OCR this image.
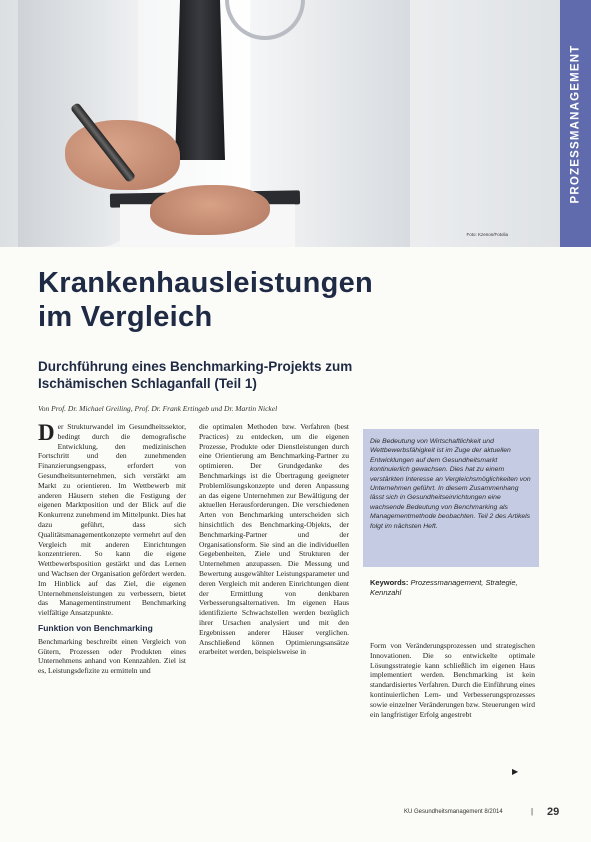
Foto: Kzenon/Fotolia
PROZESSMANAGEMENT
Krankenhausleistungen
im Vergleich
Durchführung eines Benchmarking-Projekts zum
Ischämischen Schlaganfall (Teil 1)
Von Prof. Dr. Michael Greiling, Prof. Dr. Frank Ertingeb und Dr. Martin Nickel

Der Strukturwandel im Gesundheitssektor, bedingt durch die demografische Entwicklung, den medizinischen Fortschritt und den zunehmenden Finanzierungsengpass, erfordert von Gesundheitsunternehmen, sich verstärkt am Markt zu orientieren. Im Wettbewerb mit anderen Häusern stehen die Festigung der eigenen Marktposition und der Blick auf die Konkurrenz zunehmend im Mittelpunkt. Dies hat dazu geführt, dass sich Qualitätsmanagementkonzepte vermehrt auf den Vergleich mit anderen Einrichtungen konzentrieren. So kann die eigene Wettbewerbsposition gestärkt und das Lernen und Wachsen der Organisation gefördert werden. Im Hinblick auf das Ziel, die eigenen Unternehmensleistungen zu verbessern, bietet das Managementinstrument Benchmarking vielfältige Ansatzpunkte.

Funktion von Benchmarking

Benchmarking beschreibt einen Vergleich von Gütern, Prozessen oder Produkten eines Unternehmens anhand von Kennzahlen. Ziel ist es, Leistungsdefizite zu ermitteln und

die optimalen Methoden bzw. Verfahren (best Practices) zu entdecken, um die eigenen Prozesse, Produkte oder Dienstleistungen durch eine Orientierung am Benchmarking-Partner zu optimieren. Der Grundgedanke des Benchmarkings ist die Übertragung geeigneter Problemlösungskonzepte und deren Anpassung an das eigene Unternehmen zur Bewältigung der aktuellen Herausforderungen. Die verschiedenen Arten von Benchmarking unterscheiden sich hinsichtlich des Benchmarking-Objekts, der Benchmarking-Partner und der Organisationsform. Sie sind an die individuellen Gegebenheiten, Ziele und Strukturen der Unternehmen anzupassen. Die Messung und Bewertung ausgewählter Leistungsparameter und deren Vergleich mit anderen Einrichtungen dient der Ermittlung von denkbaren Verbesserungsalternativen. Im eigenen Haus identifizierte Schwachstellen werden bezüglich ihrer Ursachen analysiert und mit den Ergebnissen anderer Häuser verglichen. Anschließend können Optimierungsansätze erarbeitet werden, beispielsweise in

Die Bedeutung von Wirtschaftlichkeit und Wettbewerbsfähigkeit ist im Zuge der aktuellen Entwicklungen auf dem Gesundheitsmarkt kontinuierlich gewachsen. Dies hat zu einem verstärkten Interesse an Vergleichsmöglichkeiten von Unternehmen geführt. In diesem Zusammenhang lässt sich in Gesundheitseinrichtungen eine wachsende Bedeutung von Benchmarking als Managementmethode beobachten. Teil 2 des Artikels folgt im nächsten Heft.
Keywords: Prozessmanagement, Strategie, Kennzahl

Form von Veränderungsprozessen und strategischen Innovationen. Die so entwickelte optimale Lösungsstrategie kann schließlich im eigenen Haus implementiert werden. Benchmarking ist kein standardisiertes Verfahren. Durch die Einführung eines kontinuierlichen Lern- und Verbesserungsprozesses sowie einzelner Veränderungen bzw. Steuerungen wird ein langfristiger Erfolg angestrebt

▶
KU Gesundheitsmanagement 8/2014	| 29
